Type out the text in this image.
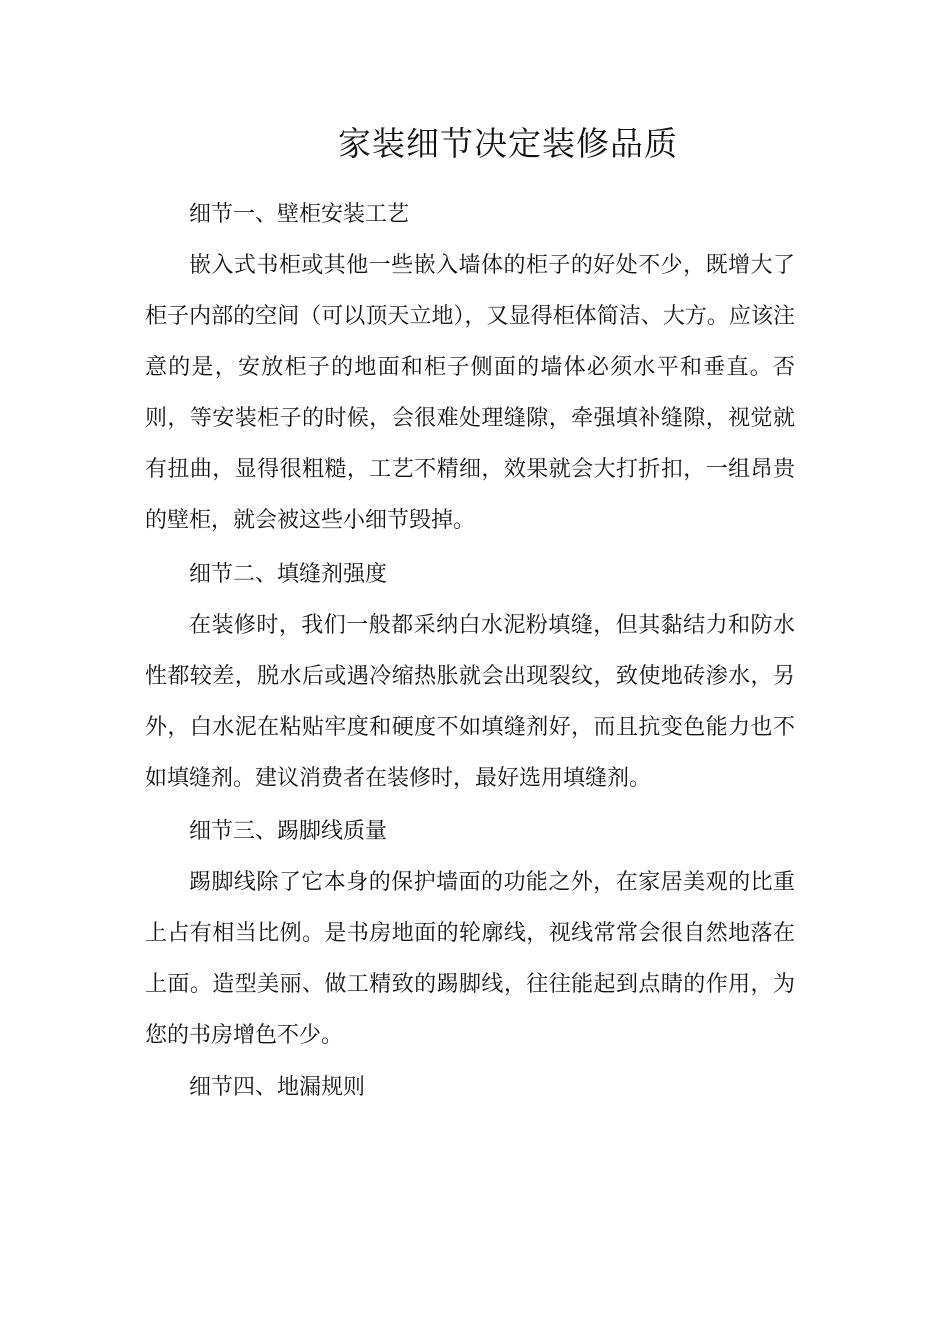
家装细节决定装修品质

细节一、壁柜安装工艺

嵌入式书柜或其他一些嵌入墙体的柜子的好处不少，既增大了柜子内部的空间（可以顶天立地），又显得柜体简洁、大方。应该注意的是，安放柜子的地面和柜子侧面的墙体必须水平和垂直。否则，等安装柜子的时候，会很难处理缝隙，牵强填补缝隙，视觉就有扭曲，显得很粗糙，工艺不精细，效果就会大打折扣，一组昂贵的壁柜，就会被这些小细节毁掉。

细节二、填缝剂强度

在装修时，我们一般都采纳白水泥粉填缝，但其黏结力和防水性都较差，脱水后或遇冷缩热胀就会出现裂纹，致使地砖渗水，另外，白水泥在粘贴牢度和硬度不如填缝剂好，而且抗变色能力也不如填缝剂。建议消费者在装修时，最好选用填缝剂。

细节三、踢脚线质量

踢脚线除了它本身的保护墙面的功能之外，在家居美观的比重上占有相当比例。是书房地面的轮廓线，视线常常会很自然地落在上面。造型美丽、做工精致的踢脚线，往往能起到点睛的作用，为您的书房增色不少。

细节四、地漏规则
